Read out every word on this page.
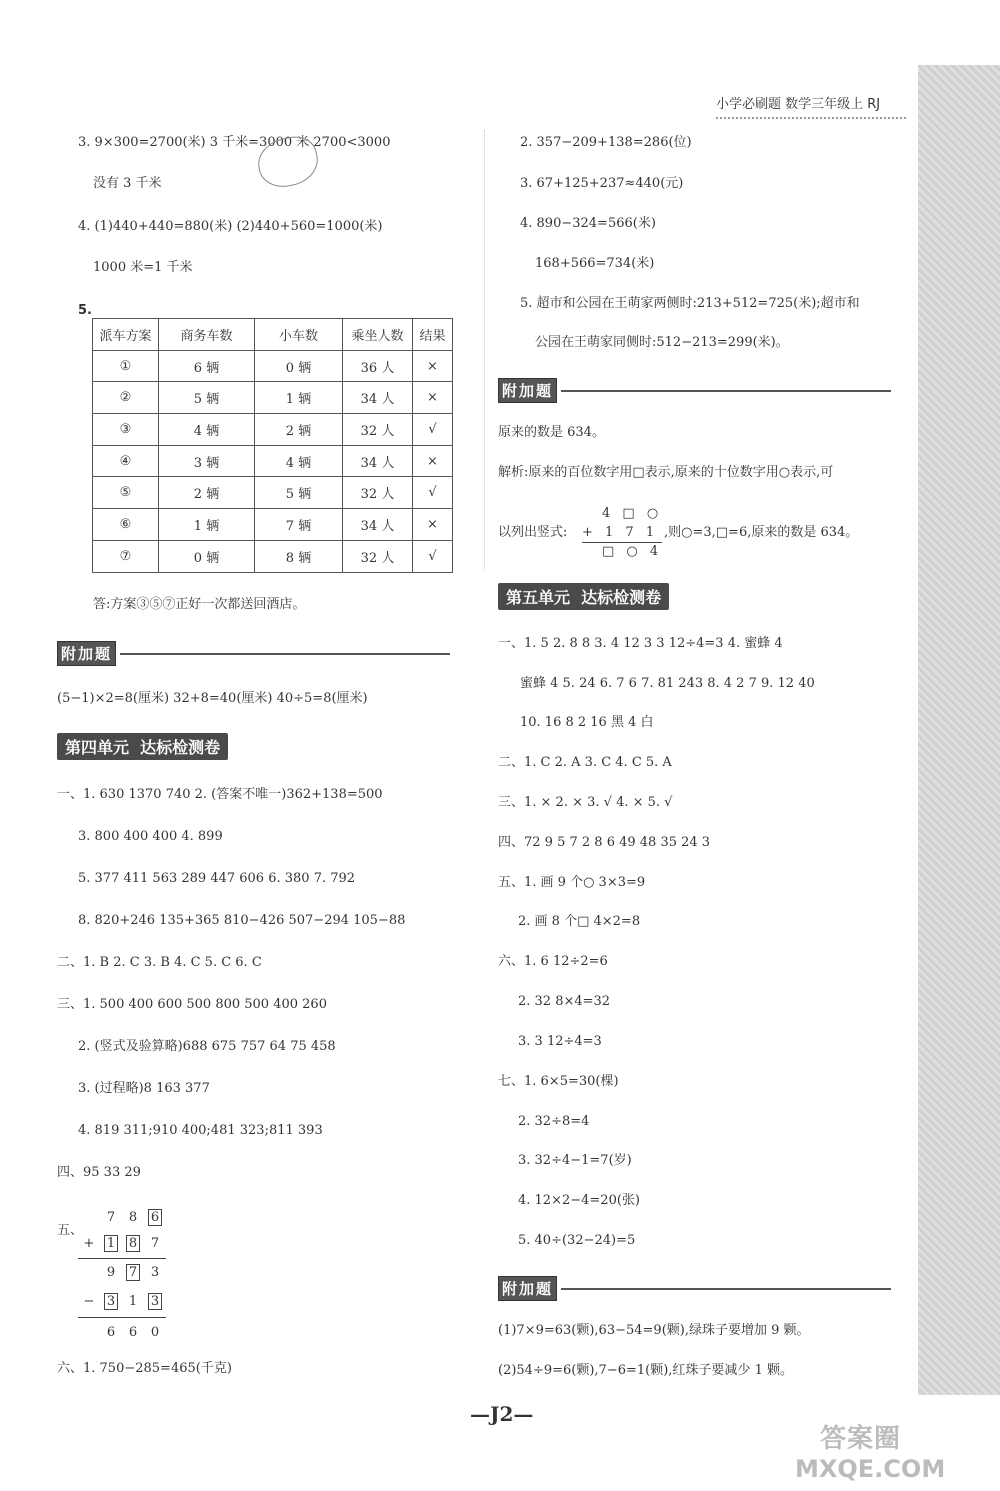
小学必刷题 数学三年级上 RJ
3. 9×300=2700(米) 3 千米=3000 米 2700<3000
没有 3 千米
4. (1)440+440=880(米) (2)440+560=1000(米)
1000 米=1 千米
5.
派车方案	商务车数	小车数	乘坐人数	结果
①	6 辆	0 辆	36 人	×
②	5 辆	1 辆	34 人	×
③	4 辆	2 辆	32 人	√
④	3 辆	4 辆	34 人	×
⑤	2 辆	5 辆	32 人	√
⑥	1 辆	7 辆	34 人	×
⑦	0 辆	8 辆	32 人	√
答:方案③⑤⑦正好一次都送回酒店。
附加题
(5−1)×2=8(厘米) 32+8=40(厘米) 40÷5=8(厘米)
第四单元  达标检测卷
一、1. 630 1370 740 2. (答案不唯一)362+138=500
3. 800 400 400 4. 899
5. 377 411 563 289 447 606 6. 380 7. 792
8. 820+246 135+365 810−426 507−294 105−88
二、1. B 2. C 3. B 4. C 5. C 6. C
三、1. 500 400 600 500 800 500 400 260
2. (竖式及验算略)688 675 757 64 75 458
3. (过程略)8 163 377
4. 819 311;910 400;481 323;811 393
四、95 33 29
五、
7	8	6
+ 1	8	7
9	7	3
− 3	1	3
6	6	0
六、1. 750−285=465(千克)
2. 357−209+138=286(位)
3. 67+125+237≈440(元)
4. 890−324=566(米)
168+566=734(米)
5. 超市和公园在王萌家两侧时:213+512=725(米);超市和
公园在王萌家同侧时:512−213=299(米)。
附加题
原来的数是 634。
解析:原来的百位数字用□表示,原来的十位数字用○表示,可
4 □ ○
以列出竖式: + 1 7 1 ,则○=3,□=6,原来的数是 634。
□ ○ 4
第五单元  达标检测卷
一、1. 5 2. 8 8 3. 4 12 3 3 12÷4=3 4. 蜜蜂 4
蜜蜂 4 5. 24 6. 7 6 7. 81 243 8. 4 2 7 9. 12 40
10. 16 8 2 16 黑 4 白
二、1. C 2. A 3. C 4. C 5. A
三、1. × 2. × 3. √ 4. × 5. √
四、72 9 5 7 2 8 6 49 48 35 24 3
五、1. 画 9 个○ 3×3=9
2. 画 8 个□ 4×2=8
六、1. 6 12÷2=6
2. 32 8×4=32
3. 3 12÷4=3
七、1. 6×5=30(棵)
2. 32÷8=4
3. 32÷4−1=7(岁)
4. 12×2−4=20(张)
5. 40÷(32−24)=5
附加题
(1)7×9=63(颗),63−54=9(颗),绿珠子要增加 9 颗。
(2)54÷9=6(颗),7−6=1(颗),红珠子要减少 1 颗。
—J2—
答案圈
MXQE.COM
